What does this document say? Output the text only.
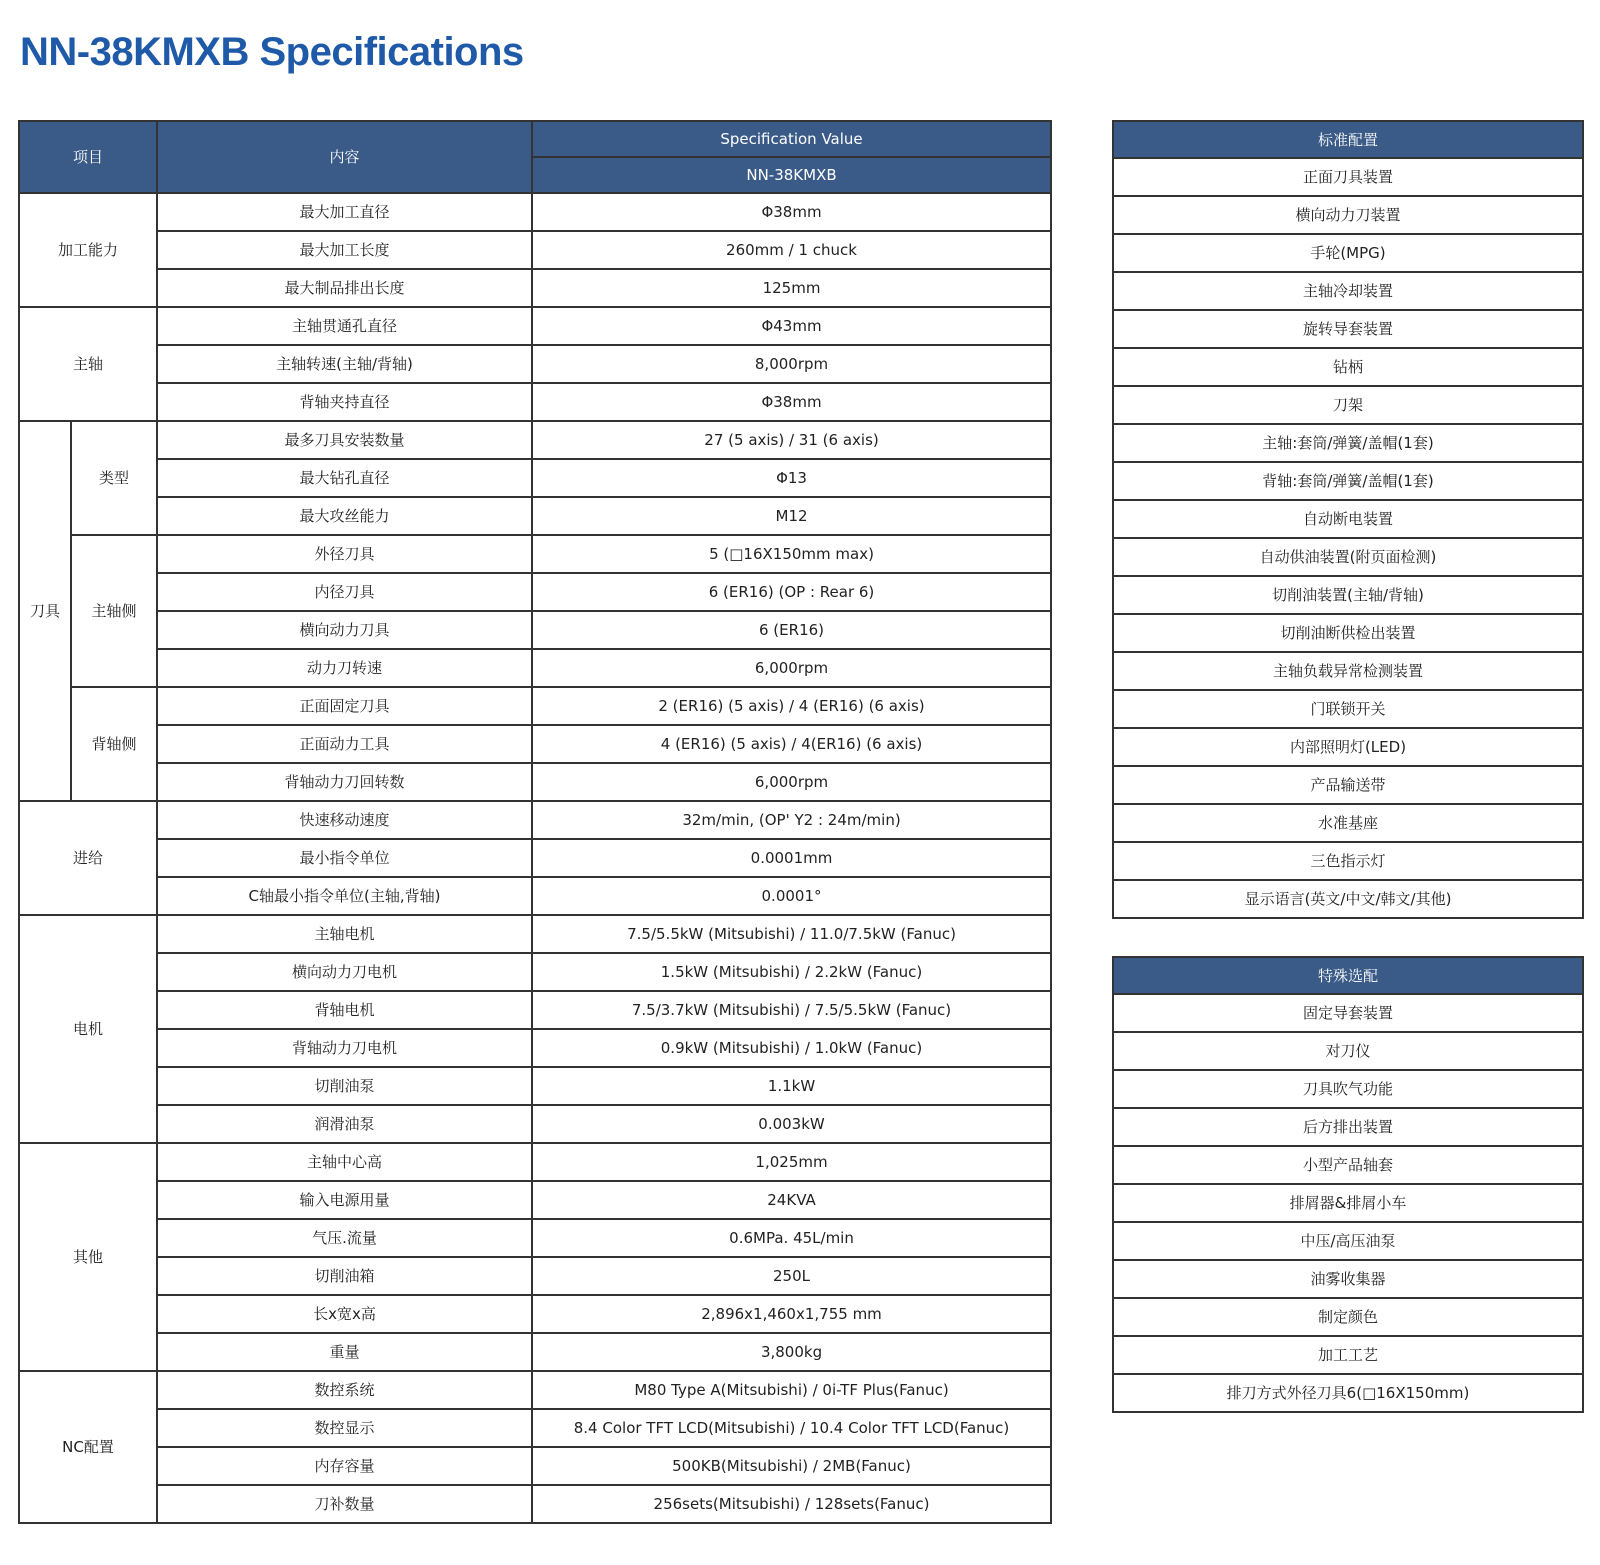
NN-38KMXB Specifications
项目		内容	Specification Value
			NN-38KMXB
加工能力		最大加工直径	Φ38mm
		最大加工长度	260mm / 1 chuck
		最大制品排出长度	125mm
主轴		主轴贯通孔直径	Φ43mm
		主轴转速(主轴/背轴)	8,000rpm
		背轴夹持直径	Φ38mm
刀具	类型	最多刀具安装数量	27 (5 axis) / 31 (6 axis)
		最大钻孔直径	Φ13
		最大攻丝能力	M12
	主轴侧	外径刀具	5 (□16X150mm max)
		内径刀具	6 (ER16) (OP : Rear 6)
		横向动力刀具	6 (ER16)
		动力刀转速	6,000rpm
	背轴侧	正面固定刀具	2 (ER16) (5 axis) / 4 (ER16) (6 axis)
		正面动力工具	4 (ER16) (5 axis) / 4(ER16) (6 axis)
		背轴动力刀回转数	6,000rpm
进给		快速移动速度	32m/min, (OP' Y2 : 24m/min)
		最小指令单位	0.0001mm
		C轴最小指令单位(主轴,背轴)	0.0001°
电机		主轴电机	7.5/5.5kW (Mitsubishi) / 11.0/7.5kW (Fanuc)
		横向动力刀电机	1.5kW (Mitsubishi) / 2.2kW (Fanuc)
		背轴电机	7.5/3.7kW (Mitsubishi) / 7.5/5.5kW (Fanuc)
		背轴动力刀电机	0.9kW (Mitsubishi) / 1.0kW (Fanuc)
		切削油泵	1.1kW
		润滑油泵	0.003kW
其他		主轴中心高	1,025mm
		输入电源用量	24KVA
		气压.流量	0.6MPa. 45L/min
		切削油箱	250L
		长x宽x高	2,896x1,460x1,755 mm
		重量	3,800kg
NC配置		数控系统	M80 Type A(Mitsubishi) / 0i-TF Plus(Fanuc)
		数控显示	8.4 Color TFT LCD(Mitsubishi) / 10.4 Color TFT LCD(Fanuc)
		内存容量	500KB(Mitsubishi) / 2MB(Fanuc)
		刀补数量	256sets(Mitsubishi) / 128sets(Fanuc)
标准配置
正面刀具装置
横向动力刀装置
手轮(MPG)
主轴冷却装置
旋转导套装置
钻柄
刀架
主轴:套筒/弹簧/盖帽(1套)
背轴:套筒/弹簧/盖帽(1套)
自动断电装置
自动供油装置(附页面检测)
切削油装置(主轴/背轴)
切削油断供检出装置
主轴负载异常检测装置
门联锁开关
内部照明灯(LED)
产品输送带
水准基座
三色指示灯
显示语言(英文/中文/韩文/其他)
特殊选配
固定导套装置
对刀仪
刀具吹气功能
后方排出装置
小型产品轴套
排屑器&排屑小车
中压/高压油泵
油雾收集器
制定颜色
加工工艺
排刀方式外径刀具6(□16X150mm)
